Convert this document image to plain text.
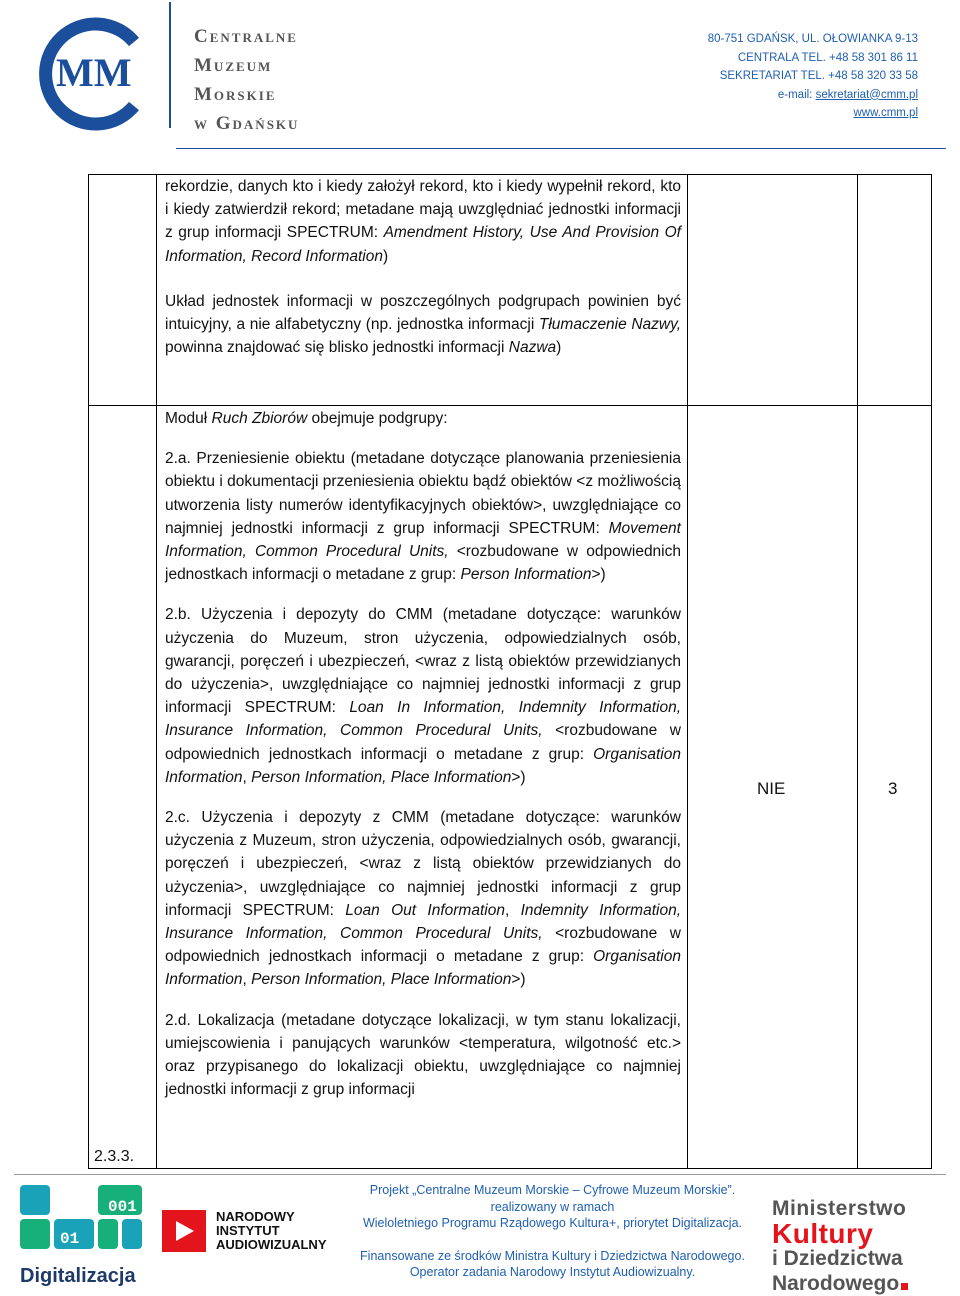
MM
Centralne
Muzeum
Morskie
w Gdańsku
80-751 GDAŃSK, UL. OŁOWIANKA 9-13
CENTRALA TEL. +48 58 301 86 11
SEKRETARIAT TEL. +48 58 320 33 58
e-mail: sekretariat@cmm.pl
www.cmm.pl

rekordzie, danych kto i kiedy założył rekord, kto i kiedy wypełnił rekord, kto i kiedy zatwierdził rekord; metadane mają uwzględniać jednostki informacji z grup informacji SPECTRUM: Amendment History, Use And Provision Of Information, Record Information)

Układ jednostek informacji w poszczególnych podgrupach powinien być intuicyjny, a nie alfabetyczny (np. jednostka informacji Tłumaczenie Nazwy, powinna znajdować się blisko jednostki informacji Nazwa)

Moduł Ruch Zbiorów obejmuje podgrupy:

2.a. Przeniesienie obiektu (metadane dotyczące planowania przeniesienia obiektu i dokumentacji przeniesienia obiektu bądź obiektów <z możliwością utworzenia listy numerów identyfikacyjnych obiektów>, uwzględniające co najmniej jednostki informacji z grup informacji SPECTRUM: Movement Information, Common Procedural Units, <rozbudowane w odpowiednich jednostkach informacji o metadane z grup: Person Information>)

2.b. Użyczenia i depozyty do CMM (metadane dotyczące: warunków użyczenia do Muzeum, stron użyczenia, odpowiedzialnych osób, gwarancji, poręczeń i ubezpieczeń, <wraz z listą obiektów przewidzianych do użyczenia>, uwzględniające co najmniej jednostki informacji z grup informacji SPECTRUM: Loan In Information, Indemnity Information, Insurance Information, Common Procedural Units, <rozbudowane w odpowiednich jednostkach informacji o metadane z grup: Organisation Information, Person Information, Place Information>)

2.c. Użyczenia i depozyty z CMM (metadane dotyczące: warunków użyczenia z Muzeum, stron użyczenia, odpowiedzialnych osób, gwarancji, poręczeń i ubezpieczeń, <wraz z listą obiektów przewidzianych do użyczenia>, uwzględniające co najmniej jednostki informacji z grup informacji SPECTRUM: Loan Out Information, Indemnity Information, Insurance Information, Common Procedural Units, <rozbudowane w odpowiednich jednostkach informacji o metadane z grup: Organisation Information, Person Information, Place Information>)

2.d. Lokalizacja (metadane dotyczące lokalizacji, w tym stanu lokalizacji, umiejscowienia i panujących warunków <temperatura, wilgotność etc.> oraz przypisanego do lokalizacji obiektu, uwzględniające co najmniej jednostki informacji z grup informacji

2.3.3.
NIE	3
01
001
Digitalizacja
NARODOWY
INSTYTUT
AUDIOWIZUALNY
Projekt „Centralne Muzeum Morskie – Cyfrowe Muzeum Morskie”.
realizowany w ramach
Wieloletniego Programu Rządowego Kultura+, priorytet Digitalizacja.
Finansowane ze środków Ministra Kultury i Dziedzictwa Narodowego.
Operator zadania Narodowy Instytut Audiowizualny.
Ministerstwo
Kultury
i Dziedzictwa
Narodowego
